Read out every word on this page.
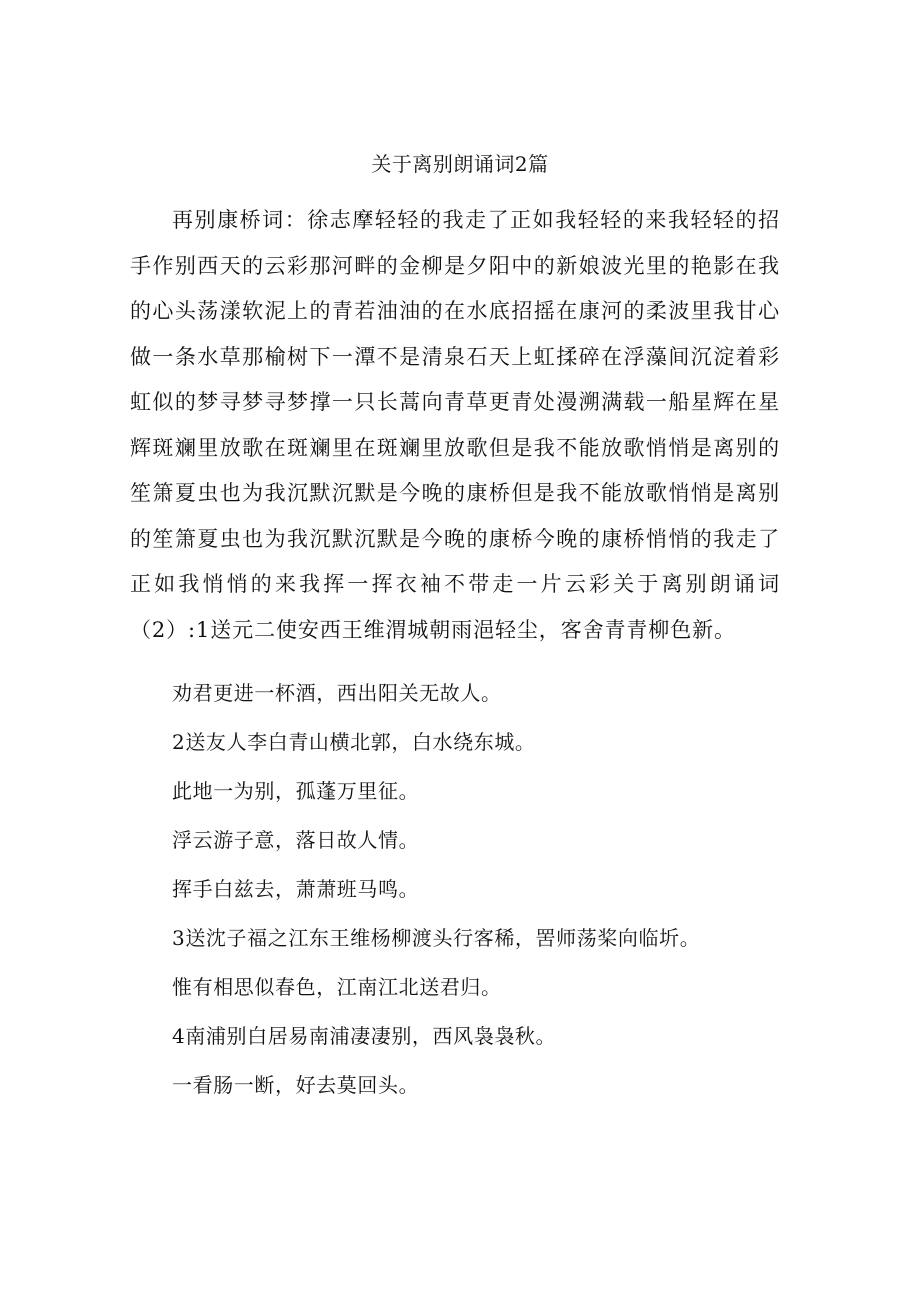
关于离别朗诵词2篇
再别康桥词：徐志摩轻轻的我走了正如我轻轻的来我轻轻的招手作别西天的云彩那河畔的金柳是夕阳中的新娘波光里的艳影在我的心头荡漾软泥上的青若油油的在水底招摇在康河的柔波里我甘心做一条水草那榆树下一潭不是清泉石天上虹揉碎在浮藻间沉淀着彩虹似的梦寻梦寻梦撑一只长蒿向青草更青处漫溯满载一船星辉在星辉斑斓里放歌在斑斓里在斑斓里放歌但是我不能放歌悄悄是离别的笙箫夏虫也为我沉默沉默是今晚的康桥但是我不能放歌悄悄是离别的笙箫夏虫也为我沉默沉默是今晚的康桥今晚的康桥悄悄的我走了正如我悄悄的来我挥一挥衣袖不带走一片云彩关于离别朗诵词（2）:1送元二使安西王维渭城朝雨浥轻尘，客舍青青柳色新。
劝君更进一杯酒，西出阳关无故人。
2送友人李白青山横北郭，白水绕东城。
此地一为别，孤蓬万里征。
浮云游子意，落日故人情。
挥手白兹去，萧萧班马鸣。
3送沈子福之江东王维杨柳渡头行客稀，罟师荡桨向临圻。
惟有相思似春色，江南江北送君归。
4南浦别白居易南浦凄凄别，西风袅袅秋。
一看肠一断，好去莫回头。
